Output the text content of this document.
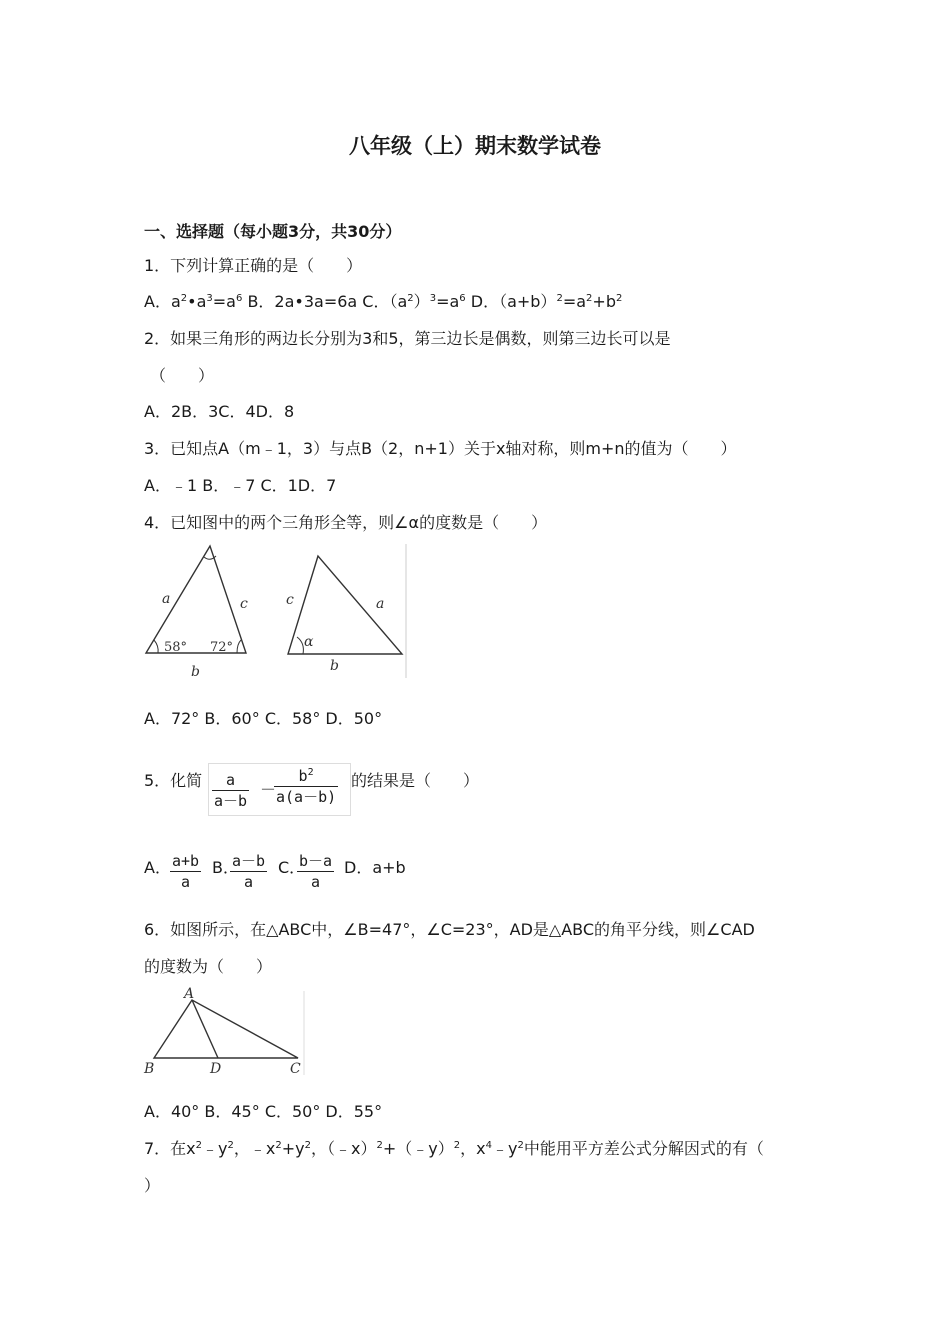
八年级（上）期末数学试卷
一、选择题（每小题3分，共30分）
1．下列计算正确的是（　　）
A．$a^2•a^3=a^6$ B．2a•3a=6a C．$(a^2)^3=a^6$ D．$(a+b)^2=a^2+b^2$
2．如果三角形的两边长分别为3和5，第三边长是偶数，则第三边长可以是
（　　）
A．2B．3C．4D．8
3．已知点A（m﹣1，3）与点B（2，n+1）关于x轴对称，则m+n的值为（　　）
A．﹣1 B．﹣7 C．1D．7
4．已知图中的两个三角形全等，则∠α的度数是（　　）
a	c
b
58° 72°
c	a
b
α
A．72° B．60° C．58° D．50°
5．化简 $\frac{a}{a-b}$ －
$\frac{b^2}{a(a-b)}$ 的结果是（　　）
A． $\frac{a+b}{a}$ B．
$\frac{a-b}{a}$ C．
$\frac{b-a}{a}$ D．a+b
6．如图所示，在△ABC中，∠B=47°，∠C=23°，AD是△ABC的角平分线，则∠CAD
的度数为（　　）
A
B	D	C
A．40° B．45° C．50° D．55°
7．在$x^2﹣y^2$，$﹣x^2+y^2$，（﹣x）$^2$+（﹣y）$^2$，$x^4﹣y^2$中能用平方差公式分解因式的有（
）
